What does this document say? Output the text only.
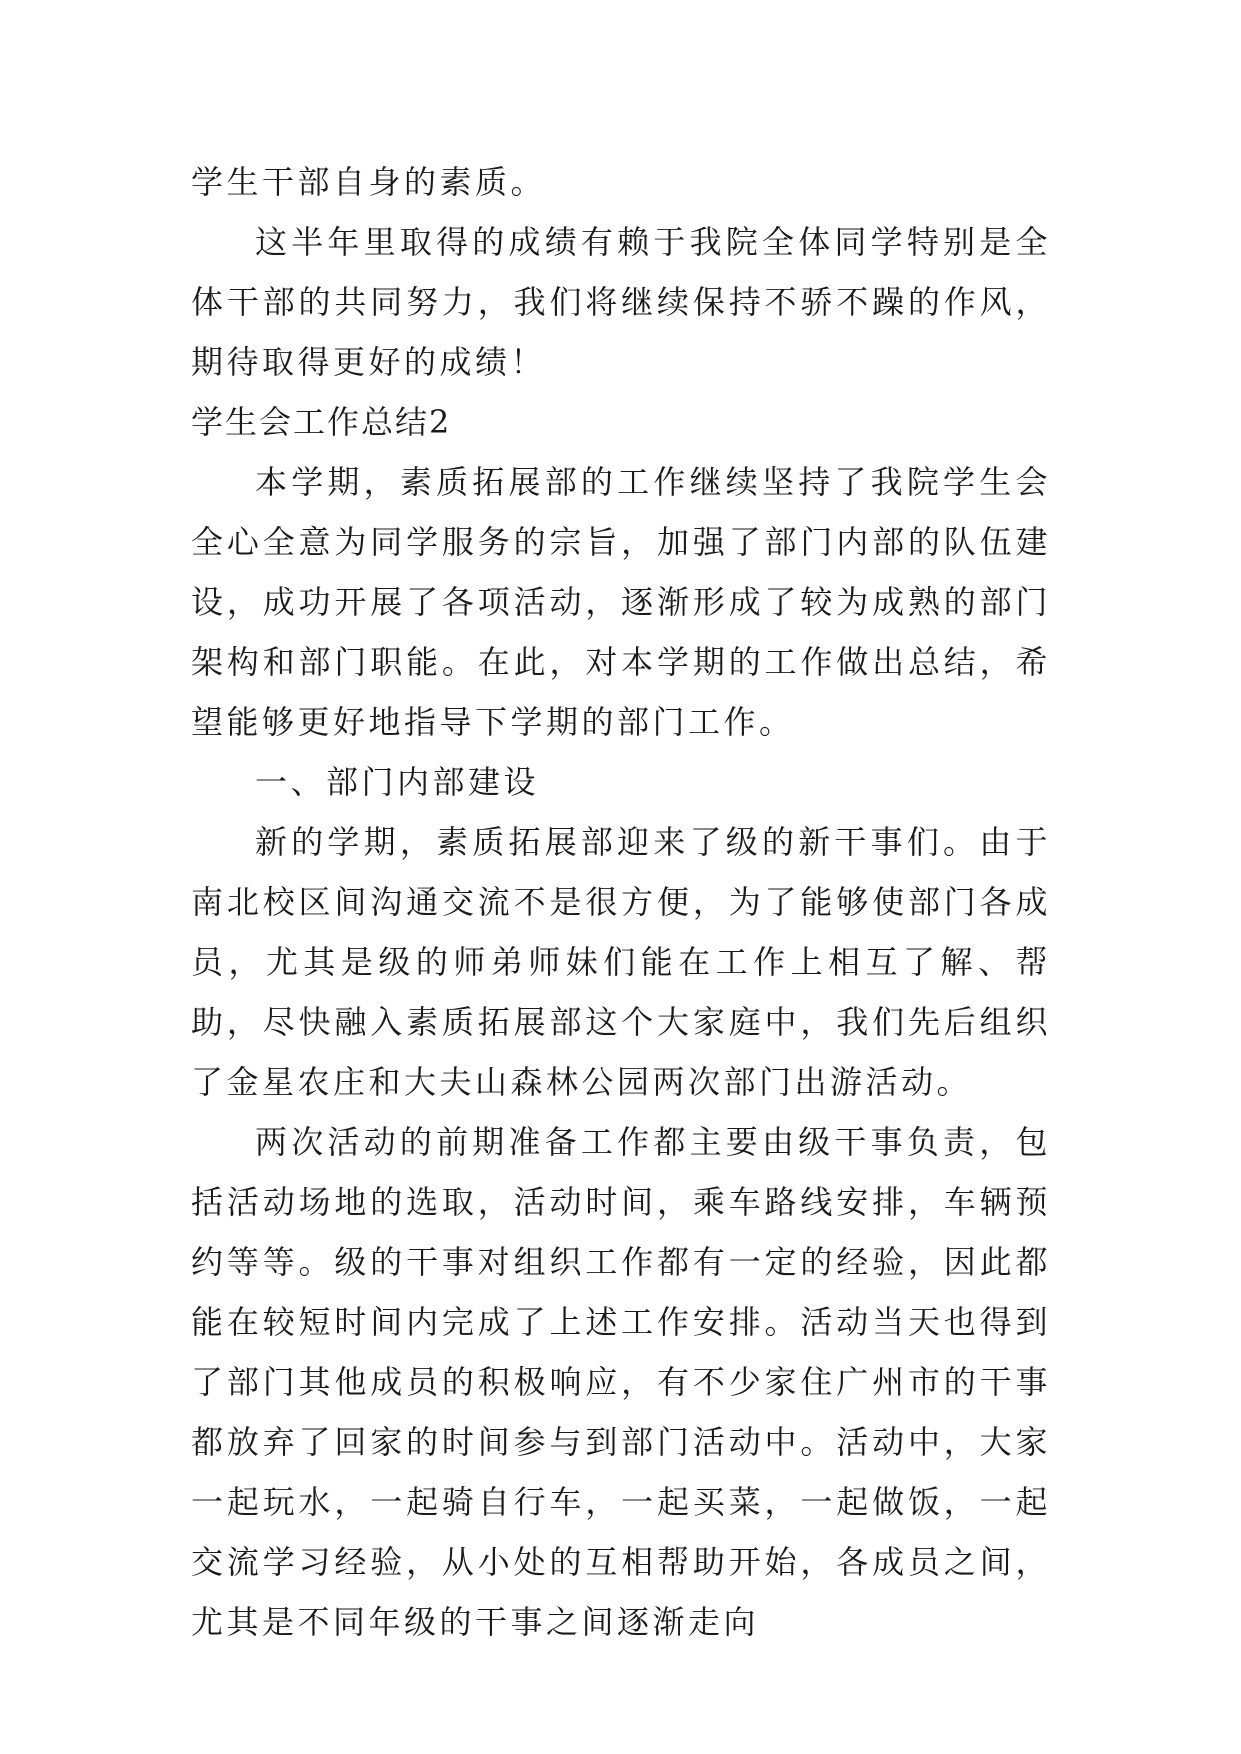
学生干部自身的素质。

这半年里取得的成绩有赖于我院全体同学特别是全体干部的共同努力，我们将继续保持不骄不躁的作风，期待取得更好的成绩！

学生会工作总结2

本学期，素质拓展部的工作继续坚持了我院学生会全心全意为同学服务的宗旨，加强了部门内部的队伍建设，成功开展了各项活动，逐渐形成了较为成熟的部门架构和部门职能。在此，对本学期的工作做出总结，希望能够更好地指导下学期的部门工作。

一、部门内部建设

新的学期，素质拓展部迎来了级的新干事们。由于南北校区间沟通交流不是很方便，为了能够使部门各成员，尤其是级的师弟师妹们能在工作上相互了解、帮助，尽快融入素质拓展部这个大家庭中，我们先后组织了金星农庄和大夫山森林公园两次部门出游活动。

两次活动的前期准备工作都主要由级干事负责，包括活动场地的选取，活动时间，乘车路线安排，车辆预约等等。级的干事对组织工作都有一定的经验，因此都能在较短时间内完成了上述工作安排。活动当天也得到了部门其他成员的积极响应，有不少家住广州市的干事都放弃了回家的时间参与到部门活动中。活动中，大家一起玩水，一起骑自行车，一起买菜，一起做饭，一起交流学习经验，从小处的互相帮助开始，各成员之间，尤其是不同年级的干事之间逐渐走向
